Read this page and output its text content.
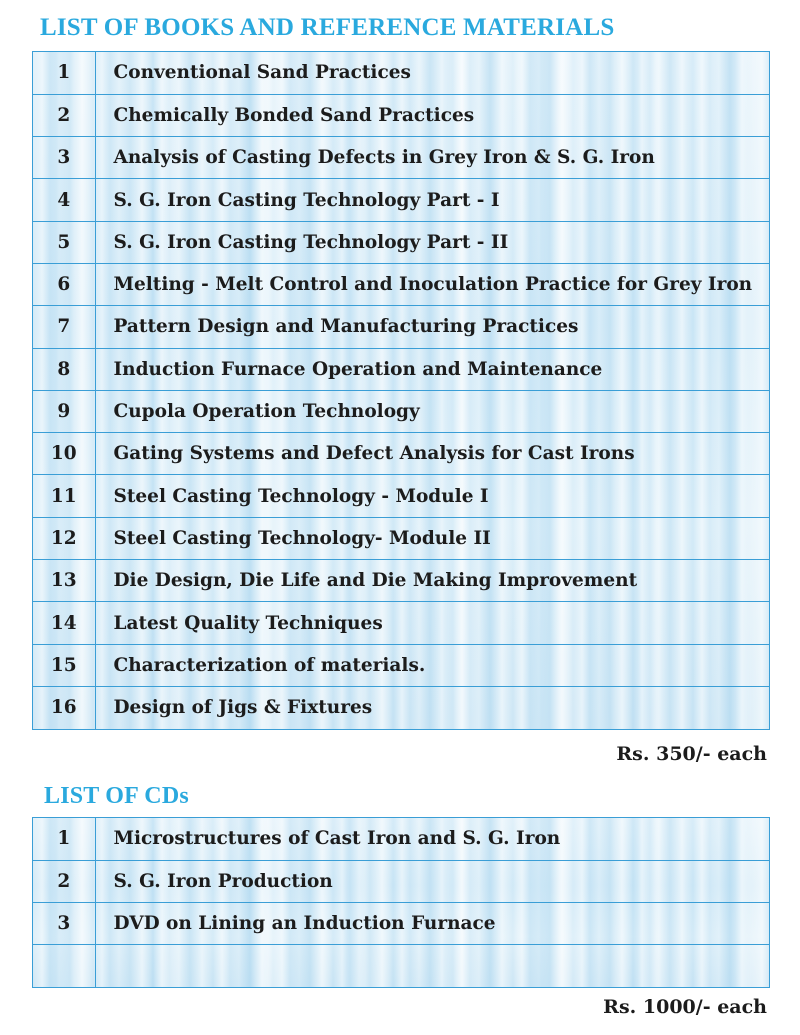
LIST OF BOOKS AND REFERENCE MATERIALS
1	Conventional Sand Practices
2	Chemically Bonded Sand Practices
3	Analysis of Casting Defects in Grey Iron & S. G. Iron
4	S. G. Iron Casting Technology Part - I
5	S. G. Iron Casting Technology Part - II
6	Melting - Melt Control and Inoculation Practice for Grey Iron
7	Pattern Design and Manufacturing Practices
8	Induction Furnace Operation and Maintenance
9	Cupola Operation Technology
10	Gating Systems and Defect Analysis for Cast Irons
11	Steel Casting Technology - Module I
12	Steel Casting Technology- Module II
13	Die Design, Die Life and Die Making Improvement
14	Latest Quality Techniques
15	Characterization of materials.
16	Design of Jigs & Fixtures

Rs. 350/- each

LIST OF CDs
1	Microstructures of Cast Iron and S. G. Iron
2	S. G. Iron Production
3	DVD on Lining an Induction Furnace

Rs. 1000/- each
